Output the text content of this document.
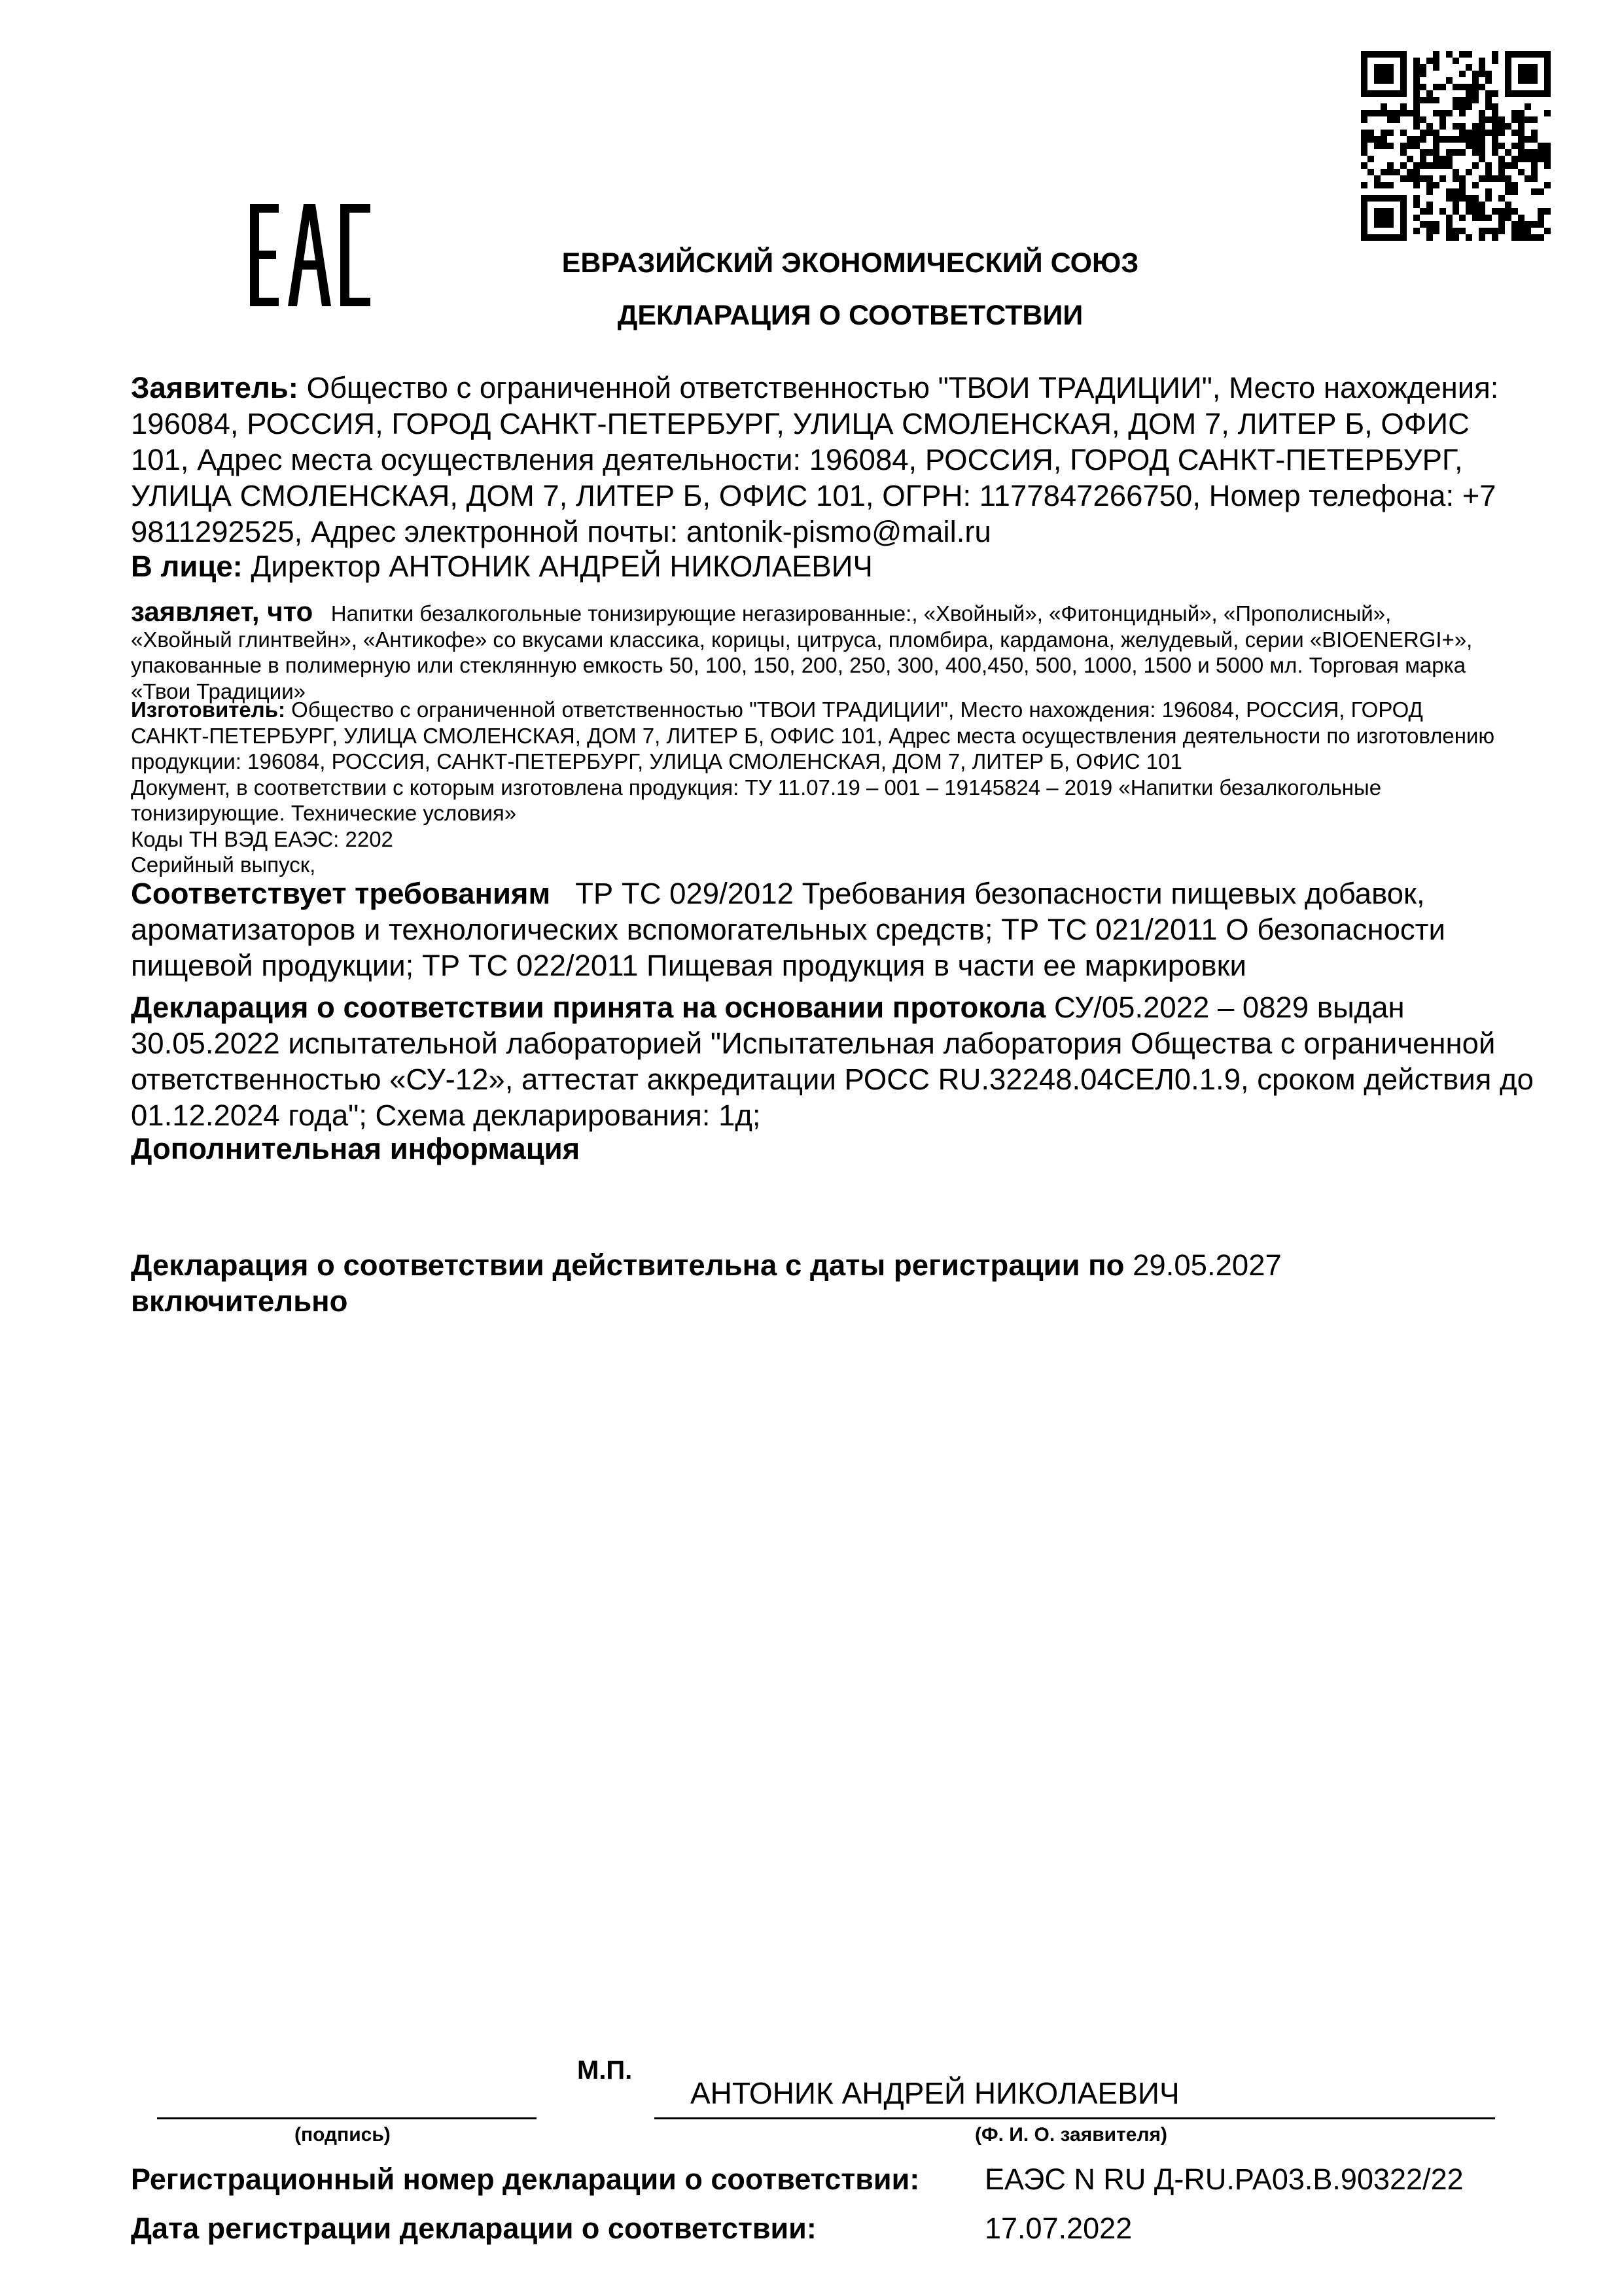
ЕВРАЗИЙСКИЙ ЭКОНОМИЧЕСКИЙ СОЮЗ
ДЕКЛАРАЦИЯ О СООТВЕТСТВИИ
Заявитель: Общество с ограниченной ответственностью "ТВОИ ТРАДИЦИИ", Место нахождения:
196084, РОССИЯ, ГОРОД САНКТ-ПЕТЕРБУРГ, УЛИЦА СМОЛЕНСКАЯ, ДОМ 7, ЛИТЕР Б, ОФИС
101, Адрес места осуществления деятельности: 196084, РОССИЯ, ГОРОД САНКТ-ПЕТЕРБУРГ,
УЛИЦА СМОЛЕНСКАЯ, ДОМ 7, ЛИТЕР Б, ОФИС 101, ОГРН: 1177847266750, Номер телефона: +7
9811292525, Адрес электронной почты: antonik-pismo@mail.ru
В лице: Директор АНТОНИК АНДРЕЙ НИКОЛАЕВИЧ
заявляет, что Напитки безалкогольные тонизирующие негазированные:, «Хвойный», «Фитонцидный», «Прополисный»,
«Хвойный глинтвейн», «Антикофе» со вкусами классика, корицы, цитруса, пломбира, кардамона, желудевый, серии «BIOENERGI+»,
упакованные в полимерную или стеклянную емкость 50, 100, 150, 200, 250, 300, 400,450, 500, 1000, 1500 и 5000 мл. Торговая марка
«Твои Традиции»
Изготовитель: Общество с ограниченной ответственностью "ТВОИ ТРАДИЦИИ", Место нахождения: 196084, РОССИЯ, ГОРОД
САНКТ-ПЕТЕРБУРГ, УЛИЦА СМОЛЕНСКАЯ, ДОМ 7, ЛИТЕР Б, ОФИС 101, Адрес места осуществления деятельности по изготовлению
продукции: 196084, РОССИЯ, САНКТ-ПЕТЕРБУРГ, УЛИЦА СМОЛЕНСКАЯ, ДОМ 7, ЛИТЕР Б, ОФИС 101
Документ, в соответствии с которым изготовлена продукция: ТУ 11.07.19 – 001 – 19145824 – 2019 «Напитки безалкогольные
тонизирующие. Технические условия»
Коды ТН ВЭД ЕАЭС: 2202
Серийный выпуск,
Соответствует требованиям ТР ТС 029/2012 Требования безопасности пищевых добавок,
ароматизаторов и технологических вспомогательных средств; ТР ТС 021/2011 О безопасности
пищевой продукции; ТР ТС 022/2011 Пищевая продукция в части ее маркировки
Декларация о соответствии принята на основании протокола СУ/05.2022 – 0829 выдан
30.05.2022 испытательной лабораторией "Испытательная лаборатория Общества с ограниченной
ответственностью «СУ-12», аттестат аккредитации РОСС RU.32248.04СЕЛ0.1.9, сроком действия до
01.12.2024 года"; Схема декларирования: 1д;
Дополнительная информация
Декларация о соответствии действительна с даты регистрации по 29.05.2027
включительно
М.П.
АНТОНИК АНДРЕЙ НИКОЛАЕВИЧ
(подпись)	(Ф. И. О. заявителя)
Регистрационный номер декларации о соответствии: ЕАЭС N RU Д-RU.РА03.В.90322/22
Дата регистрации декларации о соответствии:	17.07.2022
